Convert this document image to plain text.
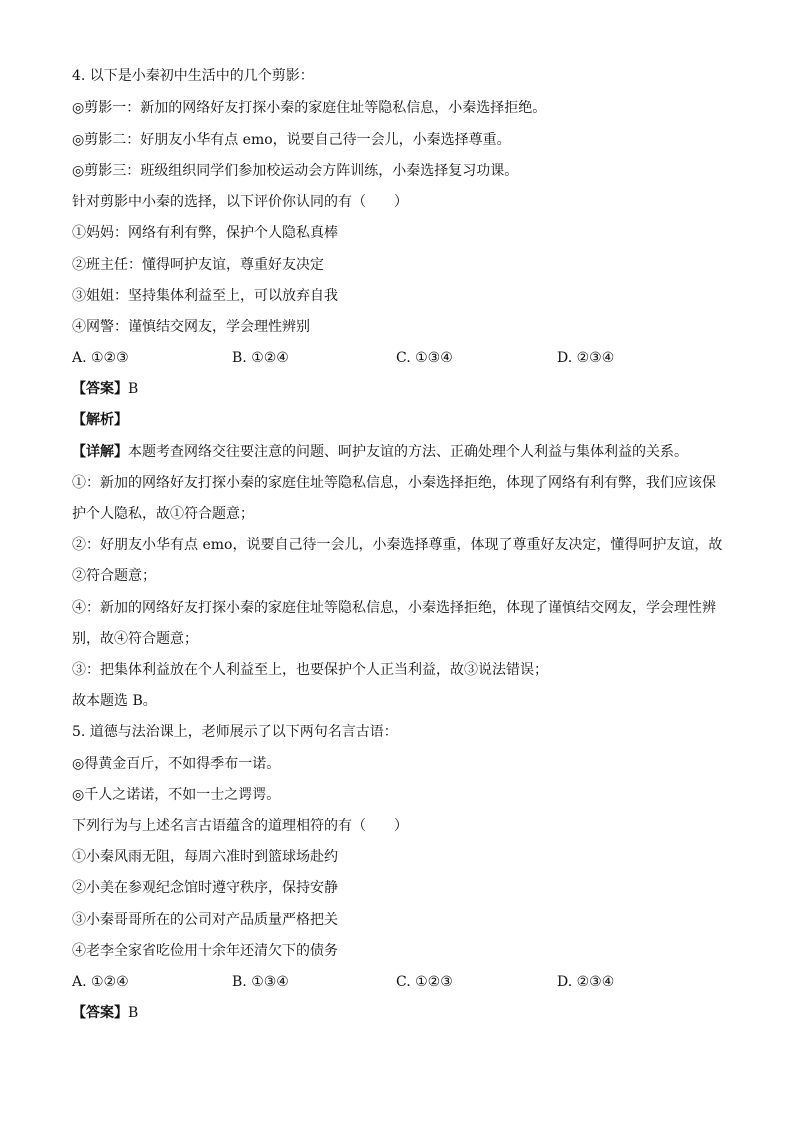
4. 以下是小秦初中生活中的几个剪影：
◎剪影一：新加的网络好友打探小秦的家庭住址等隐私信息，小秦选择拒绝。
◎剪影二：好朋友小华有点 emo，说要自己待一会儿，小秦选择尊重。
◎剪影三：班级组织同学们参加校运动会方阵训练，小秦选择复习功课。
针对剪影中小秦的选择，以下评价你认同的有（　　）
①妈妈：网络有利有弊，保护个人隐私真棒
②班主任：懂得呵护友谊，尊重好友决定
③姐姐：坚持集体利益至上，可以放弃自我
④网警：谨慎结交网友，学会理性辨别
A. ①②③	B. ①②④	C. ①③④	D. ②③④
【答案】B
【解析】
【详解】本题考查网络交往要注意的问题、呵护友谊的方法、正确处理个人利益与集体利益的关系。
①：新加的网络好友打探小秦的家庭住址等隐私信息，小秦选择拒绝，体现了网络有利有弊，我们应该保
护个人隐私，故①符合题意；
②：好朋友小华有点 emo，说要自己待一会儿，小秦选择尊重，体现了尊重好友决定，懂得呵护友谊，故
②符合题意；
④：新加的网络好友打探小秦的家庭住址等隐私信息，小秦选择拒绝，体现了谨慎结交网友，学会理性辨
别，故④符合题意；
③：把集体利益放在个人利益至上，也要保护个人正当利益，故③说法错误；
故本题选 B。
5. 道德与法治课上，老师展示了以下两句名言古语：
◎得黄金百斤，不如得季布一诺。
◎千人之诺诺，不如一士之谔谔。
下列行为与上述名言古语蕴含的道理相符的有（　　）
①小秦风雨无阻，每周六准时到篮球场赴约
②小美在参观纪念馆时遵守秩序，保持安静
③小秦哥哥所在的公司对产品质量严格把关
④老李全家省吃俭用十余年还清欠下的债务
A. ①②④	B. ①③④	C. ①②③	D. ②③④
【答案】B
